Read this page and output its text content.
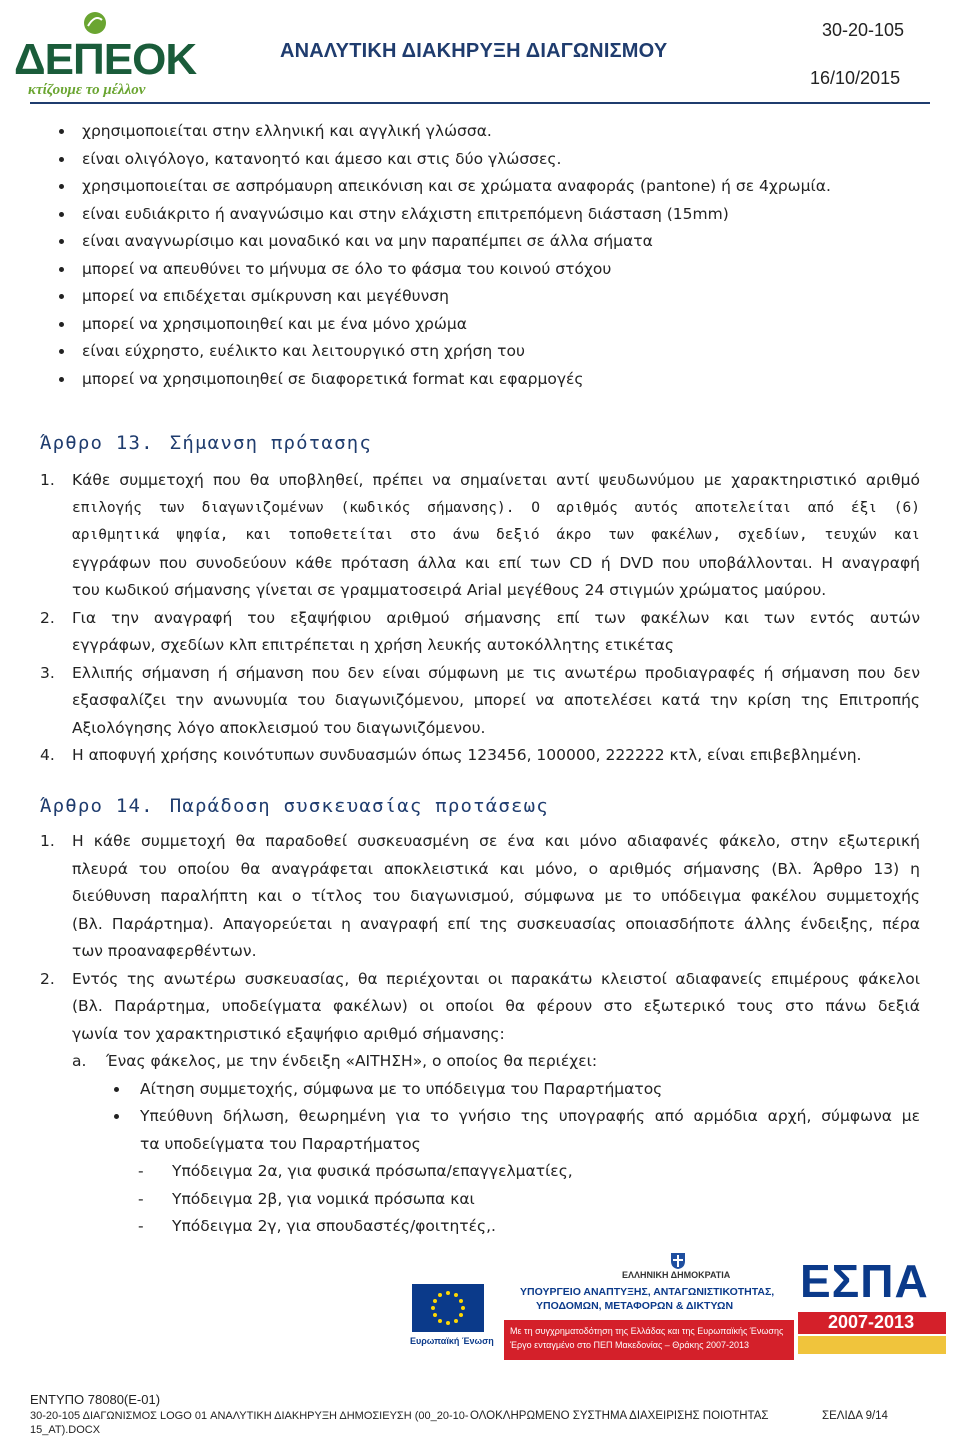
ΔΕΠΕΟΚ
κτίζουμε το μέλλον
ΑΝΑΛΥΤΙΚΗ ΔΙΑΚΗΡΥΞΗ ΔΙΑΓΩΝΙΣΜΟΥ
30-20-105
16/10/2015
χρησιμοποιείται στην ελληνική και αγγλική γλώσσα.
είναι ολιγόλογο, κατανοητό και άμεσο και στις δύο γλώσσες.
χρησιμοποιείται σε ασπρόμαυρη απεικόνιση και σε χρώματα αναφοράς (pantone) ή σε 4χρωμία.
είναι ευδιάκριτο ή αναγνώσιμο και στην ελάχιστη επιτρεπόμενη διάσταση (15mm)
είναι αναγνωρίσιμο και μοναδικό και να μην παραπέμπει σε άλλα σήματα
μπορεί να απευθύνει το μήνυμα σε όλο το φάσμα του κοινού στόχου
μπορεί να επιδέχεται σμίκρυνση και μεγέθυνση
μπορεί να χρησιμοποιηθεί και με ένα μόνο χρώμα
είναι εύχρηστο, ευέλικτο και λειτουργικό στη χρήση του
μπορεί να χρησιμοποιηθεί σε διαφορετικά format και εφαρμογές
Άρθρο 13. Σήμανση πρότασης
1. Κάθε συμμετοχή που θα υποβληθεί, πρέπει να σημαίνεται αντί ψευδωνύμου με χαρακτηριστικό αριθμό
επιλογής των διαγωνιζομένων (κωδικός σήμανσης). Ο αριθμός αυτός αποτελείται από έξι (6)
αριθμητικά ψηφία, και τοποθετείται στο άνω δεξιό άκρο των φακέλων, σχεδίων, τευχών και
εγγράφων που συνοδεύουν κάθε πρόταση άλλα και επί των CD ή DVD που υποβάλλονται. Η αναγραφή
του κωδικού σήμανσης γίνεται σε γραμματοσειρά Arial μεγέθους 24 στιγμών χρώματος μαύρου.
2. Για την αναγραφή του εξαψήφιου αριθμού σήμανσης επί των φακέλων και των εντός αυτών
εγγράφων, σχεδίων κλπ επιτρέπεται η χρήση λευκής αυτοκόλλητης ετικέτας
3. Ελλιπής σήμανση ή σήμανση που δεν είναι σύμφωνη με τις ανωτέρω προδιαγραφές ή σήμανση που δεν
εξασφαλίζει την ανωνυμία του διαγωνιζόμενου, μπορεί να αποτελέσει κατά την κρίση της Επιτροπής
Αξιολόγησης λόγο αποκλεισμού του διαγωνιζόμενου.
4. Η αποφυγή χρήσης κοινότυπων συνδυασμών όπως 123456, 100000, 222222 κτλ, είναι επιβεβλημένη.
Άρθρο 14. Παράδοση συσκευασίας προτάσεως
1. Η κάθε συμμετοχή θα παραδοθεί συσκευασμένη σε ένα και μόνο αδιαφανές φάκελο, στην εξωτερική
πλευρά του οποίου θα αναγράφεται αποκλειστικά και μόνο, ο αριθμός σήμανσης (Βλ. Άρθρο 13) η
διεύθυνση παραλήπτη και ο τίτλος του διαγωνισμού, σύμφωνα με το υπόδειγμα φακέλου συμμετοχής
(Βλ. Παράρτημα). Απαγορεύεται η αναγραφή επί της συσκευασίας οποιασδήποτε άλλης ένδειξης, πέρα
των προαναφερθέντων.
2. Εντός της ανωτέρω συσκευασίας, θα περιέχονται οι παρακάτω κλειστοί αδιαφανείς επιμέρους φάκελοι
(Βλ. Παράρτημα, υποδείγματα φακέλων) οι οποίοι θα φέρουν στο εξωτερικό τους στο πάνω δεξιά
γωνία τον χαρακτηριστικό εξαψήφιο αριθμό σήμανσης:
a. Ένας φάκελος, με την ένδειξη «ΑΙΤΗΣΗ», ο οποίος θα περιέχει:
Αίτηση συμμετοχής, σύμφωνα με το υπόδειγμα του Παραρτήματος
Υπεύθυνη δήλωση, θεωρημένη για το γνήσιο της υπογραφής από αρμόδια αρχή, σύμφωνα με
τα υποδείγματα του Παραρτήματος
- Υπόδειγμα 2α, για φυσικά πρόσωπα/επαγγελματίες,
- Υπόδειγμα 2β, για νομικά πρόσωπα και
- Υπόδειγμα 2γ, για σπουδαστές/φοιτητές,.
Ευρωπαϊκή Ένωση
ΕΛΛΗΝΙΚΗ ΔΗΜΟΚΡΑΤΙΑ
ΥΠΟΥΡΓΕΙΟ ΑΝΑΠΤΥΞΗΣ, ΑΝΤΑΓΩΝΙΣΤΙΚΟΤΗΤΑΣ,
ΥΠΟΔΟΜΩΝ, ΜΕΤΑΦΟΡΩΝ & ΔΙΚΤΥΩΝ
Με τη συγχρηματοδότηση της Ελλάδας και της Ευρωπαϊκής Ένωσης
Έργο ενταγμένο στο ΠΕΠ Μακεδονίας – Θράκης 2007-2013
ΕΣΠΑ
2007-2013
ΕΝΤΥΠΟ 78080(Ε-01)
30-20-105 ΔΙΑΓΩΝΙΣΜΟΣ LOGO 01 ΑΝΑΛΥΤΙΚΗ ΔΙΑΚΗΡΥΞΗ ΔΗΜΟΣΙΕΥΣΗ (00_20-10-
15_AT).DOCX
ΟΛΟΚΛΗΡΩΜΕΝΟ ΣΥΣΤΗΜΑ ΔΙΑΧΕΙΡΙΣΗΣ ΠΟΙΟΤΗΤΑΣ	ΣΕΛΙΔΑ 9/14
